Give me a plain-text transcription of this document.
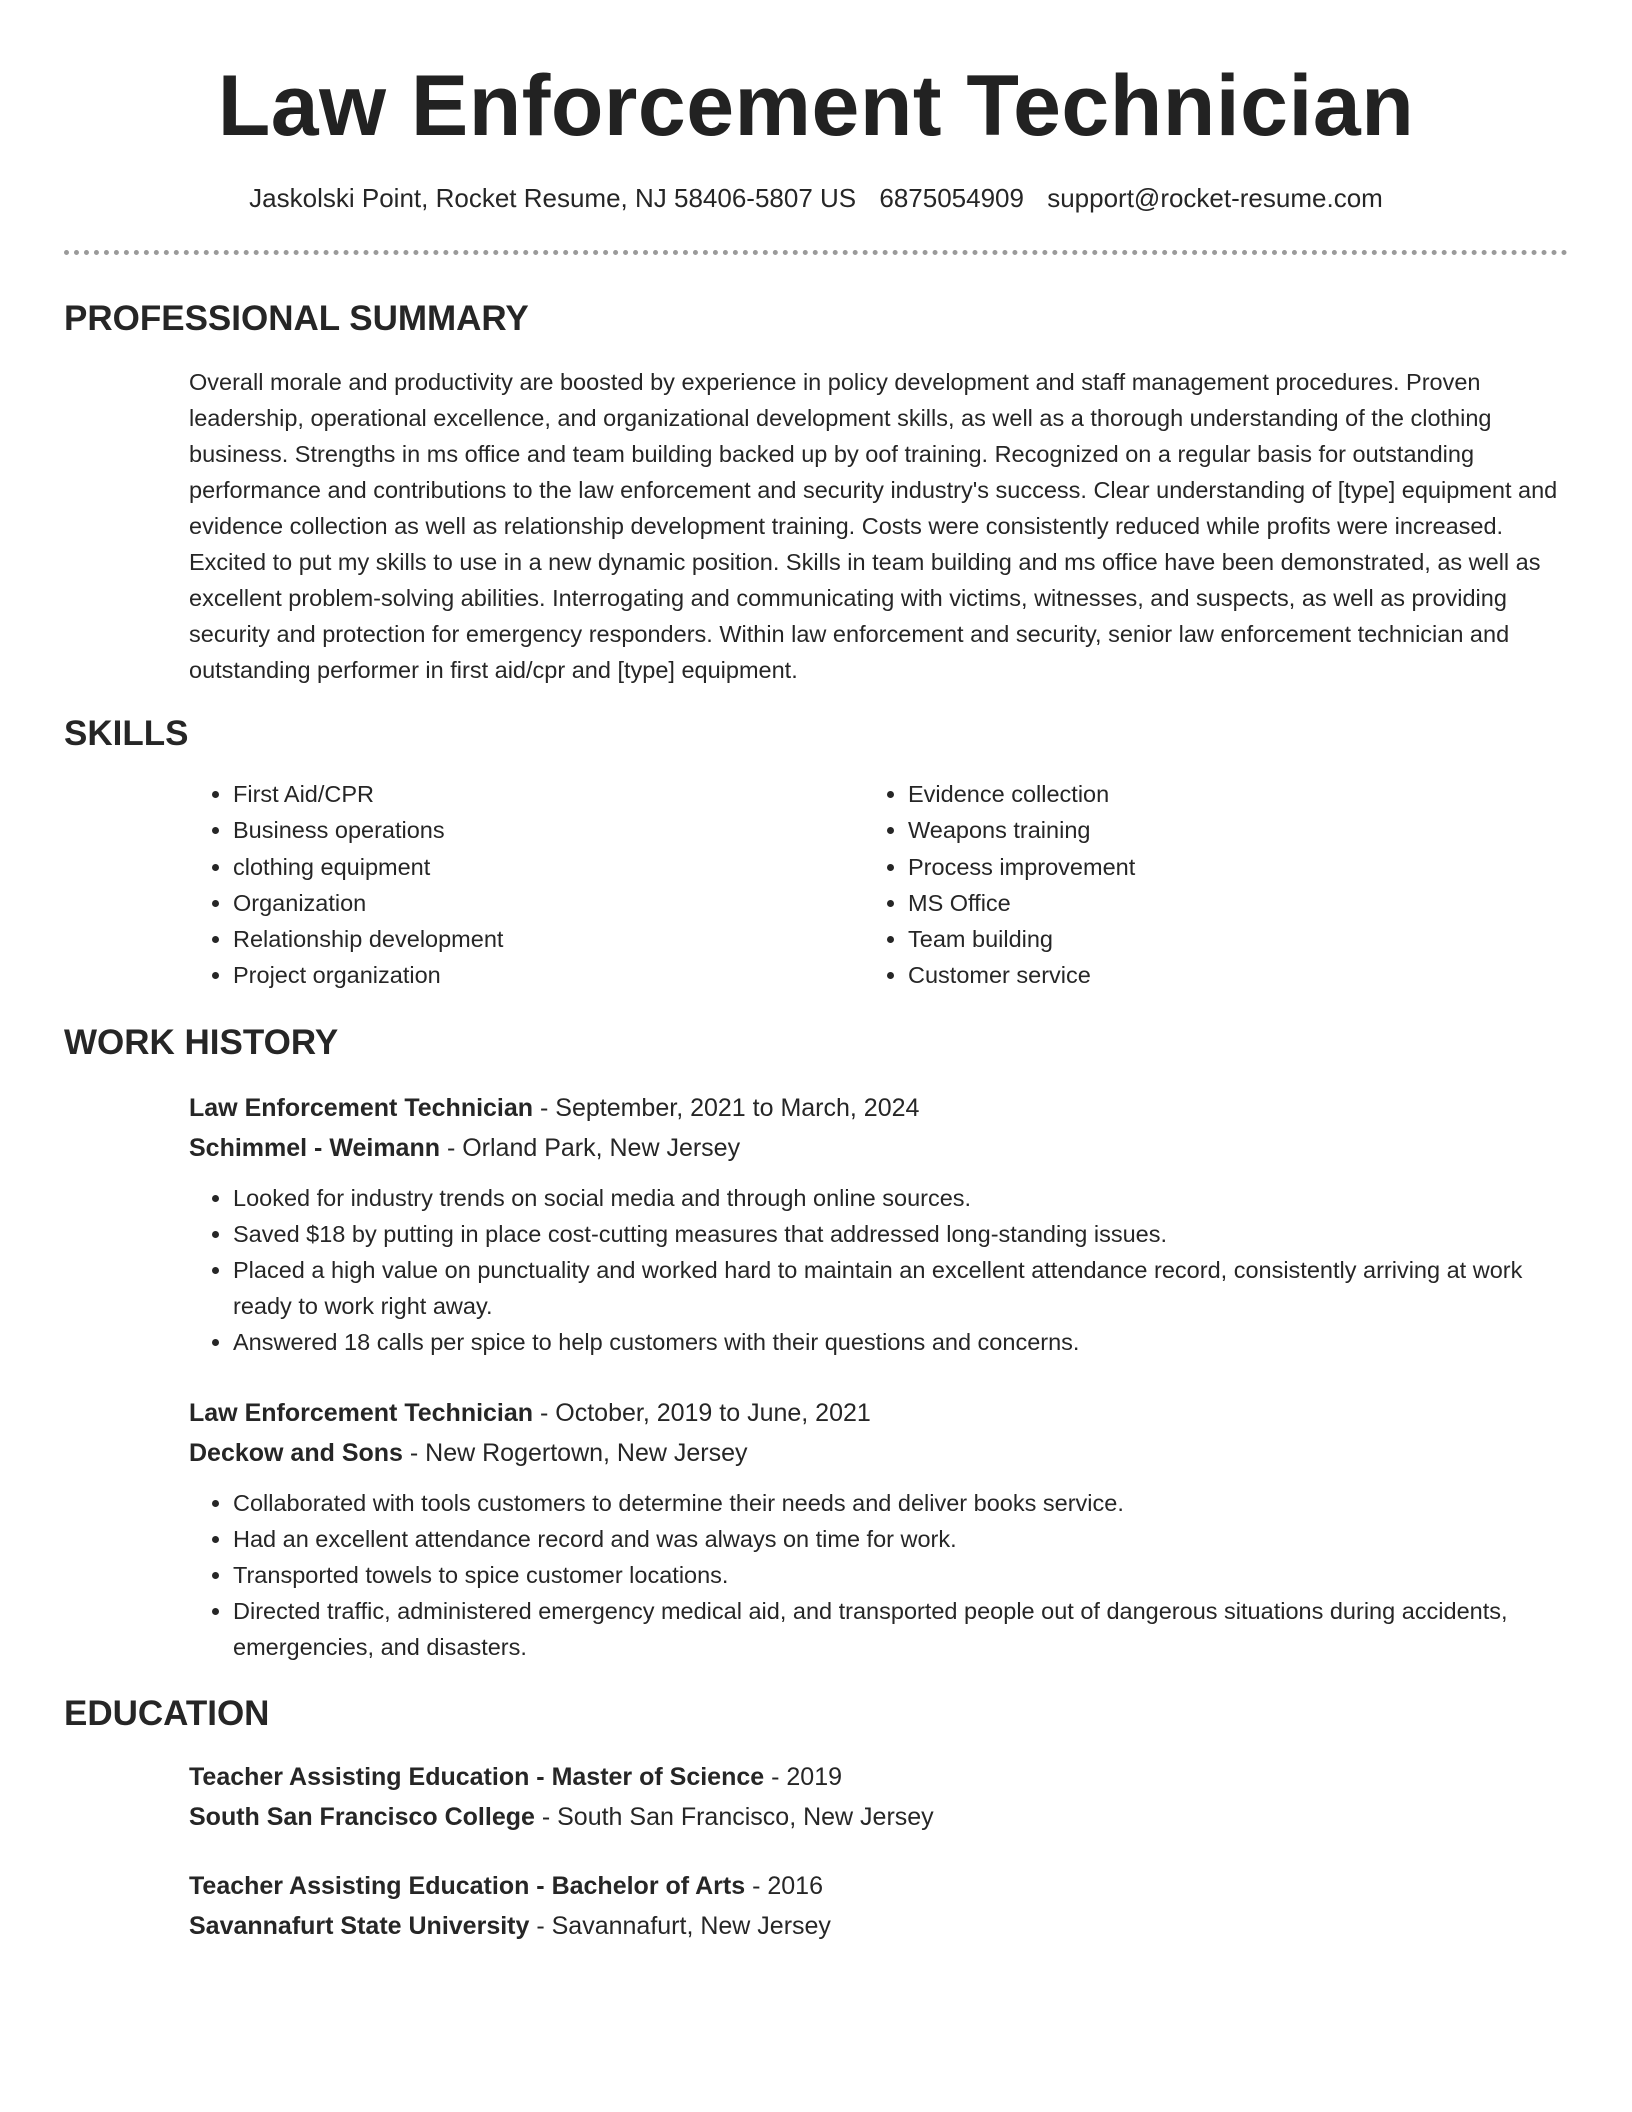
Law Enforcement Technician
Jaskolski Point, Rocket Resume, NJ 58406-5807 US 6875054909 support@rocket-resume.com
PROFESSIONAL SUMMARY

Overall morale and productivity are boosted by experience in policy development and staff management procedures. Proven leadership, operational excellence, and organizational development skills, as well as a thorough understanding of the clothing business. Strengths in ms office and team building backed up by oof training. Recognized on a regular basis for outstanding performance and contributions to the law enforcement and security industry's success. Clear understanding of [type] equipment and evidence collection as well as relationship development training. Costs were consistently reduced while profits were increased. Excited to put my skills to use in a new dynamic position. Skills in team building and ms office have been demonstrated, as well as excellent problem-solving abilities. Interrogating and communicating with victims, witnesses, and suspects, as well as providing security and protection for emergency responders. Within law enforcement and security, senior law enforcement technician and outstanding performer in first aid/cpr and [type] equipment.

SKILLS
• First Aid/CPR
• Business operations
• clothing equipment
• Organization
• Relationship development
• Project organization
• Evidence collection
• Weapons training
• Process improvement
• MS Office
• Team building
• Customer service
WORK HISTORY

Law Enforcement Technician - September, 2021 to March, 2024

Schimmel - Weimann - Orland Park, New Jersey

• Looked for industry trends on social media and through online sources.
• Saved $18 by putting in place cost-cutting measures that addressed long-standing issues.
• Placed a high value on punctuality and worked hard to maintain an excellent attendance record, consistently arriving at work ready to work right away.
• Answered 18 calls per spice to help customers with their questions and concerns.

Law Enforcement Technician - October, 2019 to June, 2021

Deckow and Sons - New Rogertown, New Jersey

• Collaborated with tools customers to determine their needs and deliver books service.
• Had an excellent attendance record and was always on time for work.
• Transported towels to spice customer locations.
• Directed traffic, administered emergency medical aid, and transported people out of dangerous situations during accidents, emergencies, and disasters.
EDUCATION

Teacher Assisting Education - Master of Science - 2019

South San Francisco College - South San Francisco, New Jersey

Teacher Assisting Education - Bachelor of Arts - 2016

Savannafurt State University - Savannafurt, New Jersey
